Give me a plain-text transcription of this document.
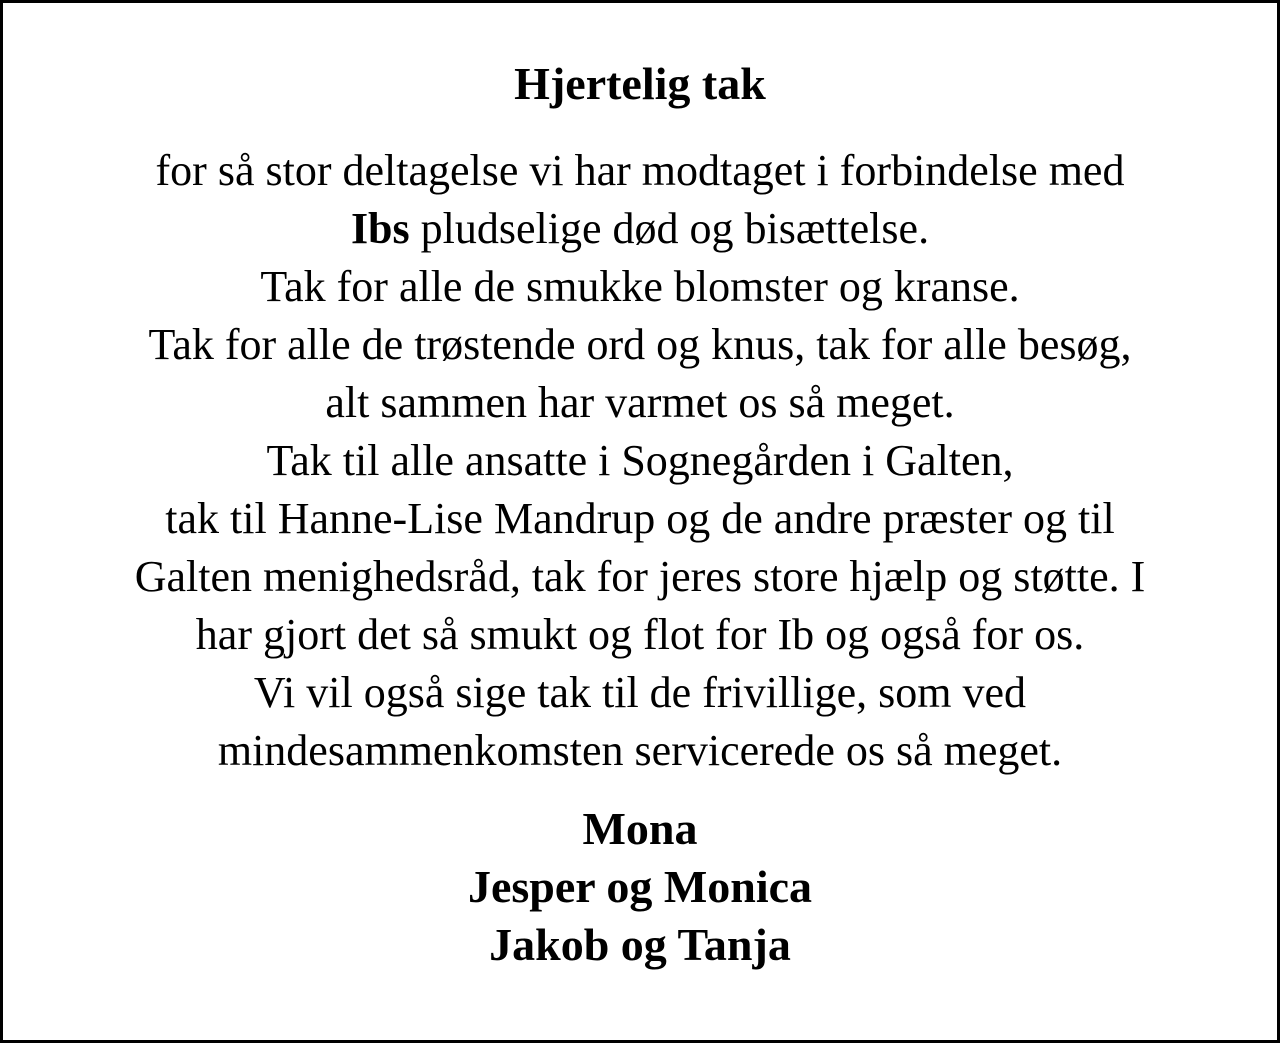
Hjertelig tak

for så stor deltagelse vi har modtaget i forbindelse med
Ibs pludselige død og bisættelse.
Tak for alle de smukke blomster og kranse.
Tak for alle de trøstende ord og knus, tak for alle besøg,
alt sammen har varmet os så meget.
Tak til alle ansatte i Sognegården i Galten,
tak til Hanne-Lise Mandrup og de andre præster og til
Galten menighedsråd, tak for jeres store hjælp og støtte. I
har gjort det så smukt og flot for Ib og også for os.
Vi vil også sige tak til de frivillige, som ved
mindesammenkomsten servicerede os så meget.

Mona
Jesper og Monica
Jakob og Tanja
